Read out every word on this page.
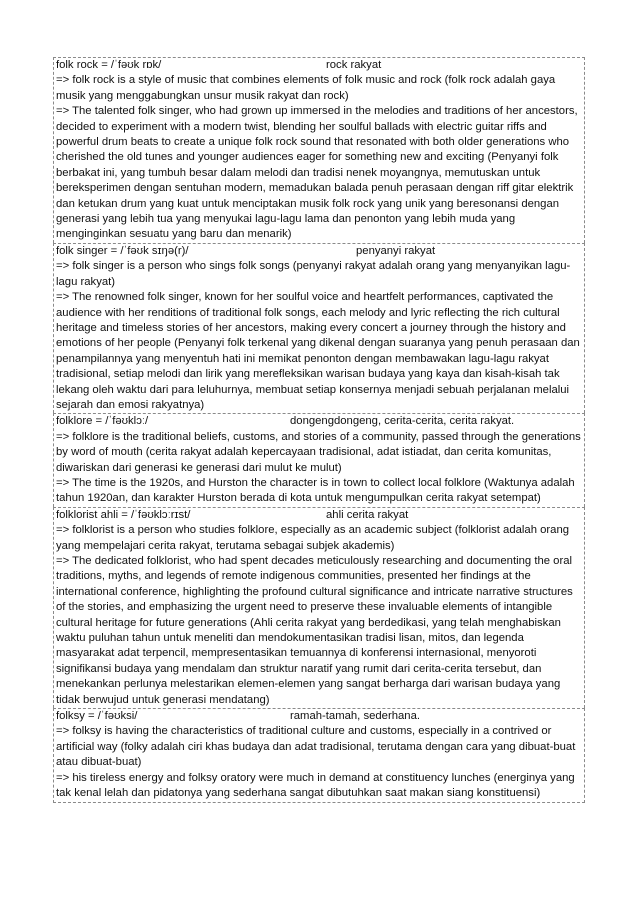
folk rock = /ˈfəʊk rɒk/	rock rakyat

=> folk rock is a style of music that combines elements of folk music and rock (folk rock adalah gaya musik yang menggabungkan unsur musik rakyat dan rock)

=> The talented folk singer, who had grown up immersed in the melodies and traditions of her ancestors, decided to experiment with a modern twist, blending her soulful ballads with electric guitar riffs and powerful drum beats to create a unique folk rock sound that resonated with both older generations who cherished the old tunes and younger audiences eager for something new and exciting (Penyanyi folk berbakat ini, yang tumbuh besar dalam melodi dan tradisi nenek moyangnya, memutuskan untuk bereksperimen dengan sentuhan modern, memadukan balada penuh perasaan dengan riff gitar elektrik dan ketukan drum yang kuat untuk menciptakan musik folk rock yang unik yang beresonansi dengan generasi yang lebih tua yang menyukai lagu-lagu lama dan penonton yang lebih muda yang menginginkan sesuatu yang baru dan menarik)

folk singer = /ˈfəʊk sɪŋə(r)/	penyanyi rakyat

=> folk singer is a person who sings folk songs (penyanyi rakyat adalah orang yang menyanyikan lagu-lagu rakyat)

=> The renowned folk singer, known for her soulful voice and heartfelt performances, captivated the audience with her renditions of traditional folk songs, each melody and lyric reflecting the rich cultural heritage and timeless stories of her ancestors, making every concert a journey through the history and emotions of her people (Penyanyi folk terkenal yang dikenal dengan suaranya yang penuh perasaan dan penampilannya yang menyentuh hati ini memikat penonton dengan membawakan lagu-lagu rakyat tradisional, setiap melodi dan lirik yang merefleksikan warisan budaya yang kaya dan kisah-kisah tak lekang oleh waktu dari para leluhurnya, membuat setiap konsernya menjadi sebuah perjalanan melalui sejarah dan emosi rakyatnya)

folklore = /ˈfəʊklɔː/	dongengdongeng, cerita-cerita, cerita rakyat.

=> folklore is the traditional beliefs, customs, and stories of a community, passed through the generations by word of mouth (cerita rakyat adalah kepercayaan tradisional, adat istiadat, dan cerita komunitas, diwariskan dari generasi ke generasi dari mulut ke mulut)

=> The time is the 1920s, and Hurston the character is in town to collect local folklore (Waktunya adalah tahun 1920an, dan karakter Hurston berada di kota untuk mengumpulkan cerita rakyat setempat)

folklorist ahli = /ˈfəʊklɔːrɪst/	ahli cerita rakyat

=> folklorist is a person who studies folklore, especially as an academic subject (folklorist adalah orang yang mempelajari cerita rakyat, terutama sebagai subjek akademis)

=> The dedicated folklorist, who had spent decades meticulously researching and documenting the oral traditions, myths, and legends of remote indigenous communities, presented her findings at the international conference, highlighting the profound cultural significance and intricate narrative structures of the stories, and emphasizing the urgent need to preserve these invaluable elements of intangible cultural heritage for future generations (Ahli cerita rakyat yang berdedikasi, yang telah menghabiskan waktu puluhan tahun untuk meneliti dan mendokumentasikan tradisi lisan, mitos, dan legenda masyarakat adat terpencil, mempresentasikan temuannya di konferensi internasional, menyoroti signifikansi budaya yang mendalam dan struktur naratif yang rumit dari cerita-cerita tersebut, dan menekankan perlunya melestarikan elemen-elemen yang sangat berharga dari warisan budaya yang tidak berwujud untuk generasi mendatang)

folksy = /ˈfəʊksi/	ramah-tamah, sederhana.

=> folksy is having the characteristics of traditional culture and customs, especially in a contrived or artificial way (folky adalah ciri khas budaya dan adat tradisional, terutama dengan cara yang dibuat-buat atau dibuat-buat)

=> his tireless energy and folksy oratory were much in demand at constituency lunches (energinya yang tak kenal lelah dan pidatonya yang sederhana sangat dibutuhkan saat makan siang konstituensi)
